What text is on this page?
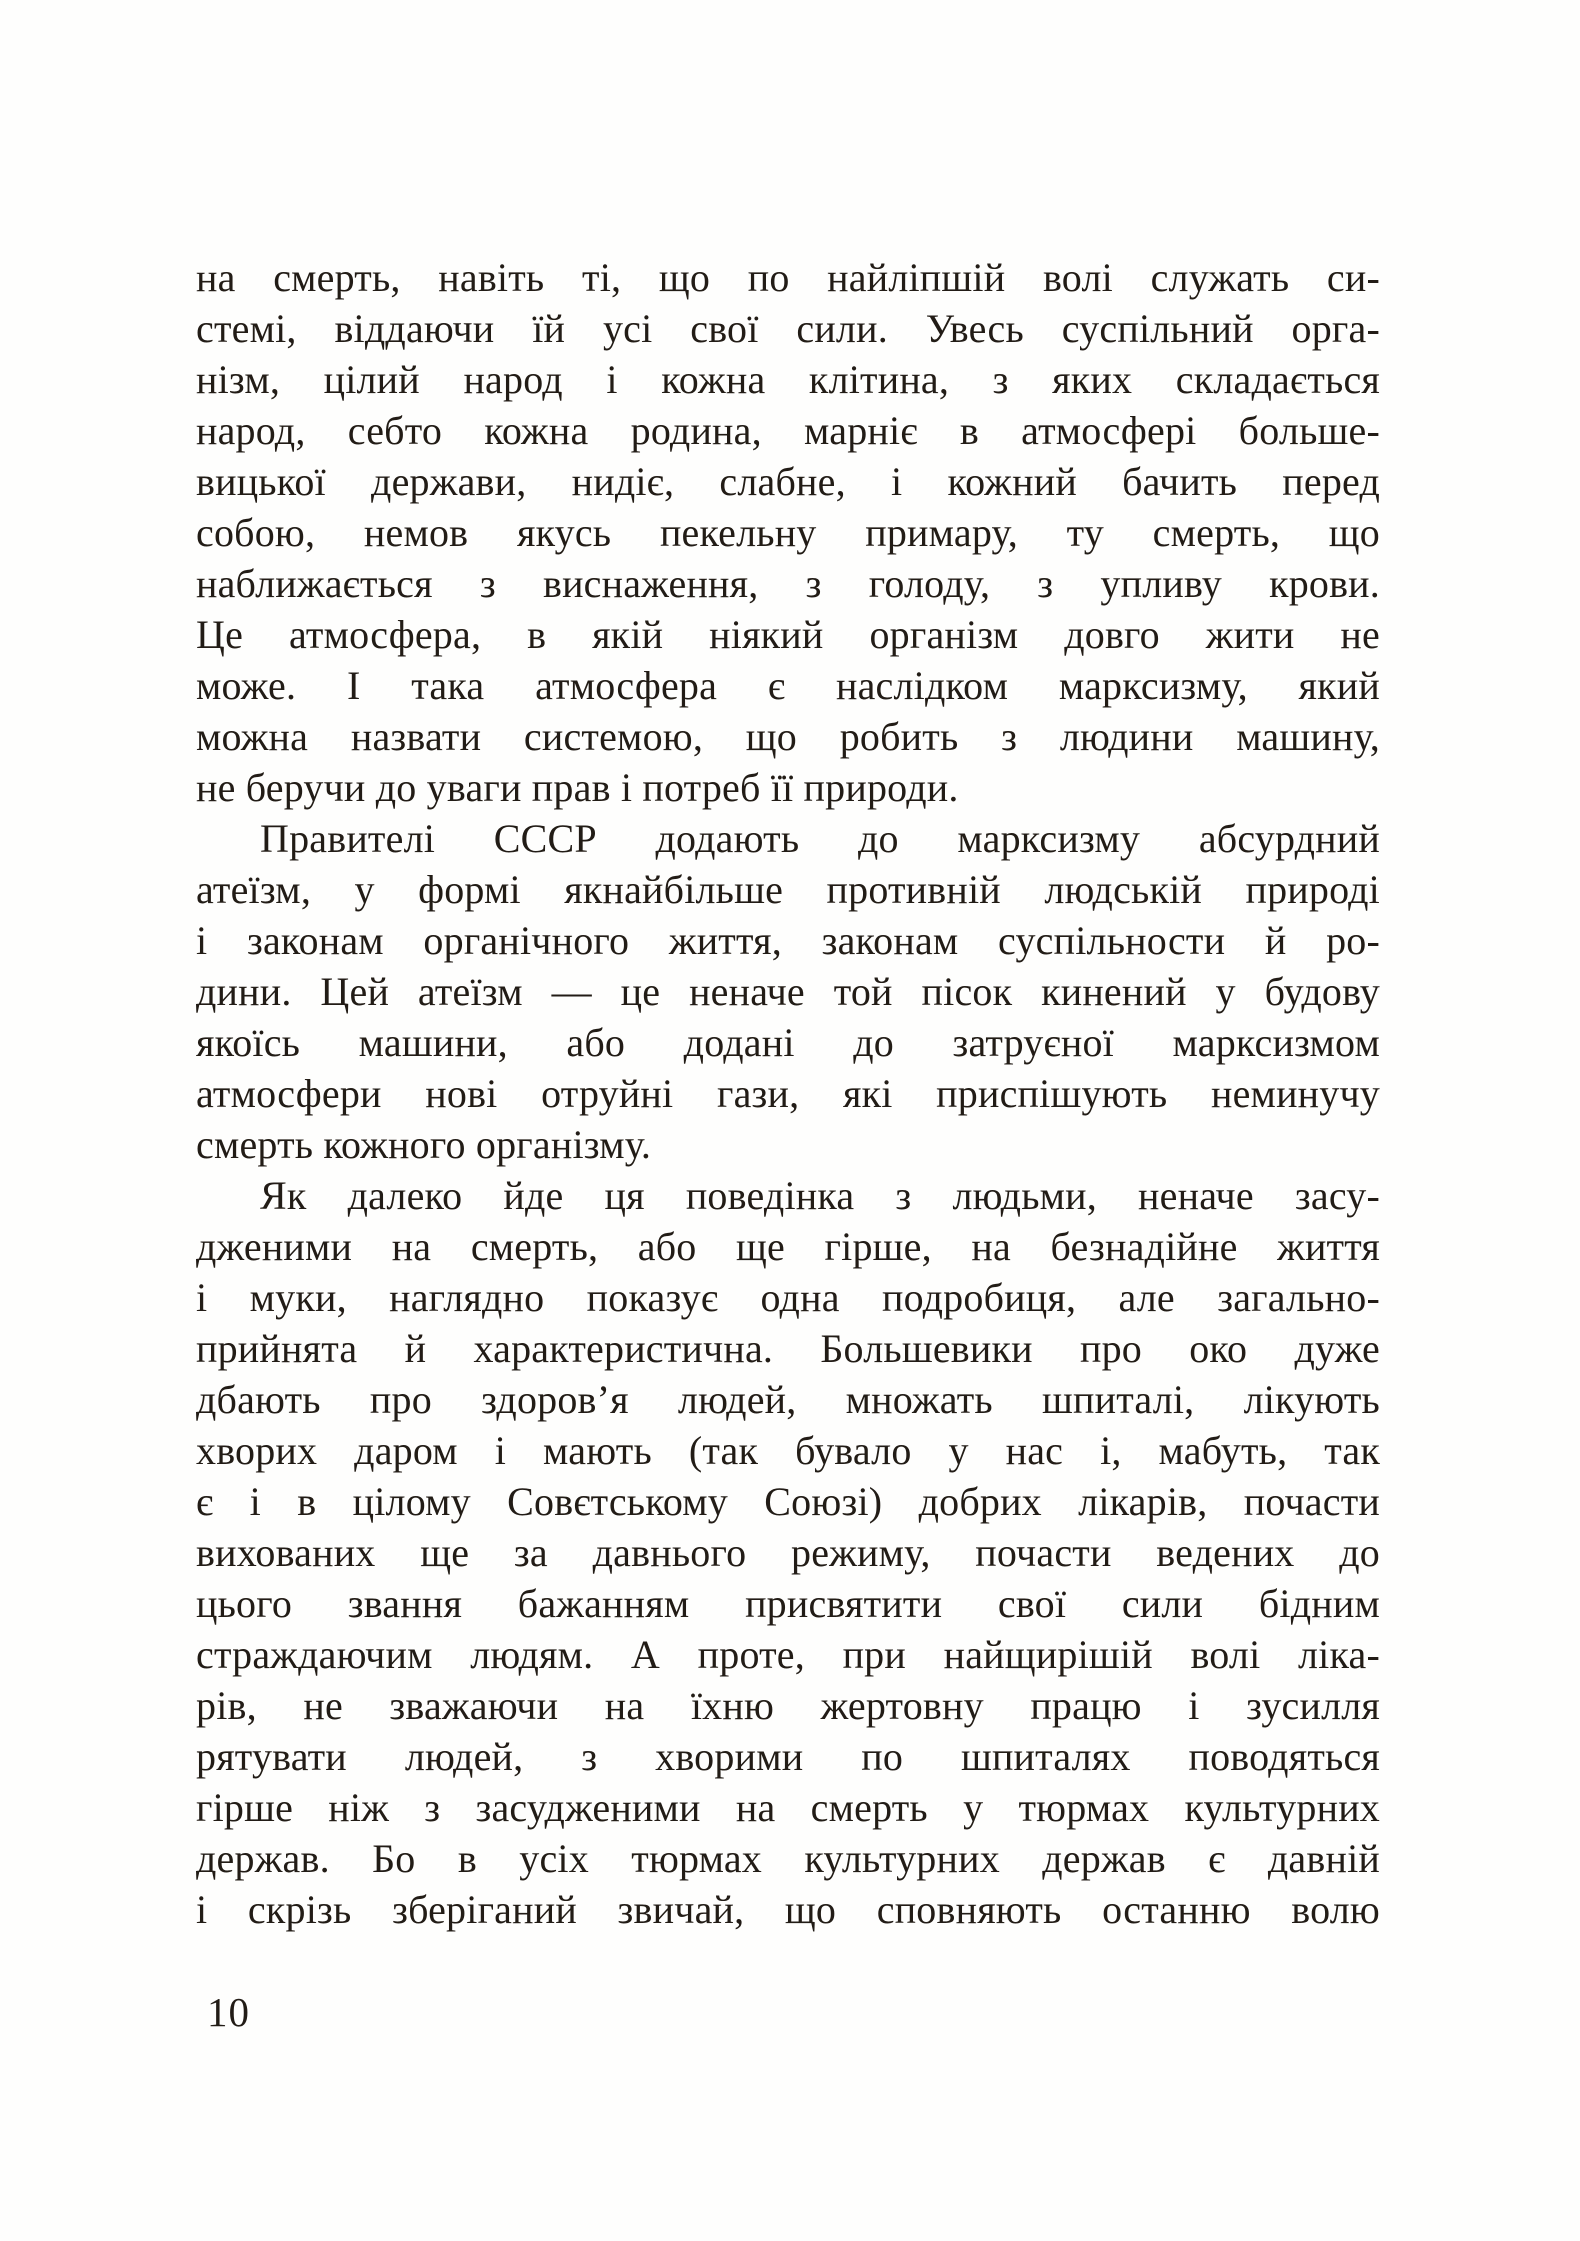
на смерть, навіть ті, що по найліпшій волі служать си-
стемі, віддаючи їй усі свої сили. Увесь суспільний орга-
нізм, цілий народ і кожна клітина, з яких складається
народ, себто кожна родина, марніє в атмосфері больше-
вицької держави, нидіє, слабне, і кожний бачить перед
собою, немов якусь пекельну примару, ту смерть, що
наближається з виснаження, з голоду, з упливу крови.
Це атмосфера, в якій ніякий організм довго жити не
може. І така атмосфера є наслідком марксизму, який
можна назвати системою, що робить з людини машину,
не беручи до уваги прав і потреб її природи.
Правителі СССР додають до марксизму абсурдний
атеїзм, у формі якнайбільше противній людській природі
і законам органічного життя, законам суспільности й ро-
дини. Цей атеїзм — це неначе той пісок кинений у будову
якоїсь машини, або додані до затруєної марксизмом
атмосфери нові отруйні гази, які приспішують неминучу
смерть кожного організму.
Як далеко йде ця поведінка з людьми, неначе засу-
дженими на смерть, або ще гірше, на безнадійне життя
і муки, наглядно показує одна подробиця, але загально-
прийнята й характеристична. Большевики про око дуже
дбають про здоров’я людей, множать шпиталі, лікують
хворих даром і мають (так бувало у нас і, мабуть, так
є і в цілому Совєтському Союзі) добрих лікарів, почасти
вихованих ще за давнього режиму, почасти ведених до
цього звання бажанням присвятити свої сили бідним
страждаючим людям. А проте, при найщирішій волі ліка-
рів, не зважаючи на їхню жертовну працю і зусилля
рятувати людей, з хворими по шпиталях поводяться
гірше ніж з засудженими на смерть у тюрмах культурних
держав. Бо в усіх тюрмах культурних держав є давній
і скрізь зберіганий звичай, що сповняють останню волю
10
